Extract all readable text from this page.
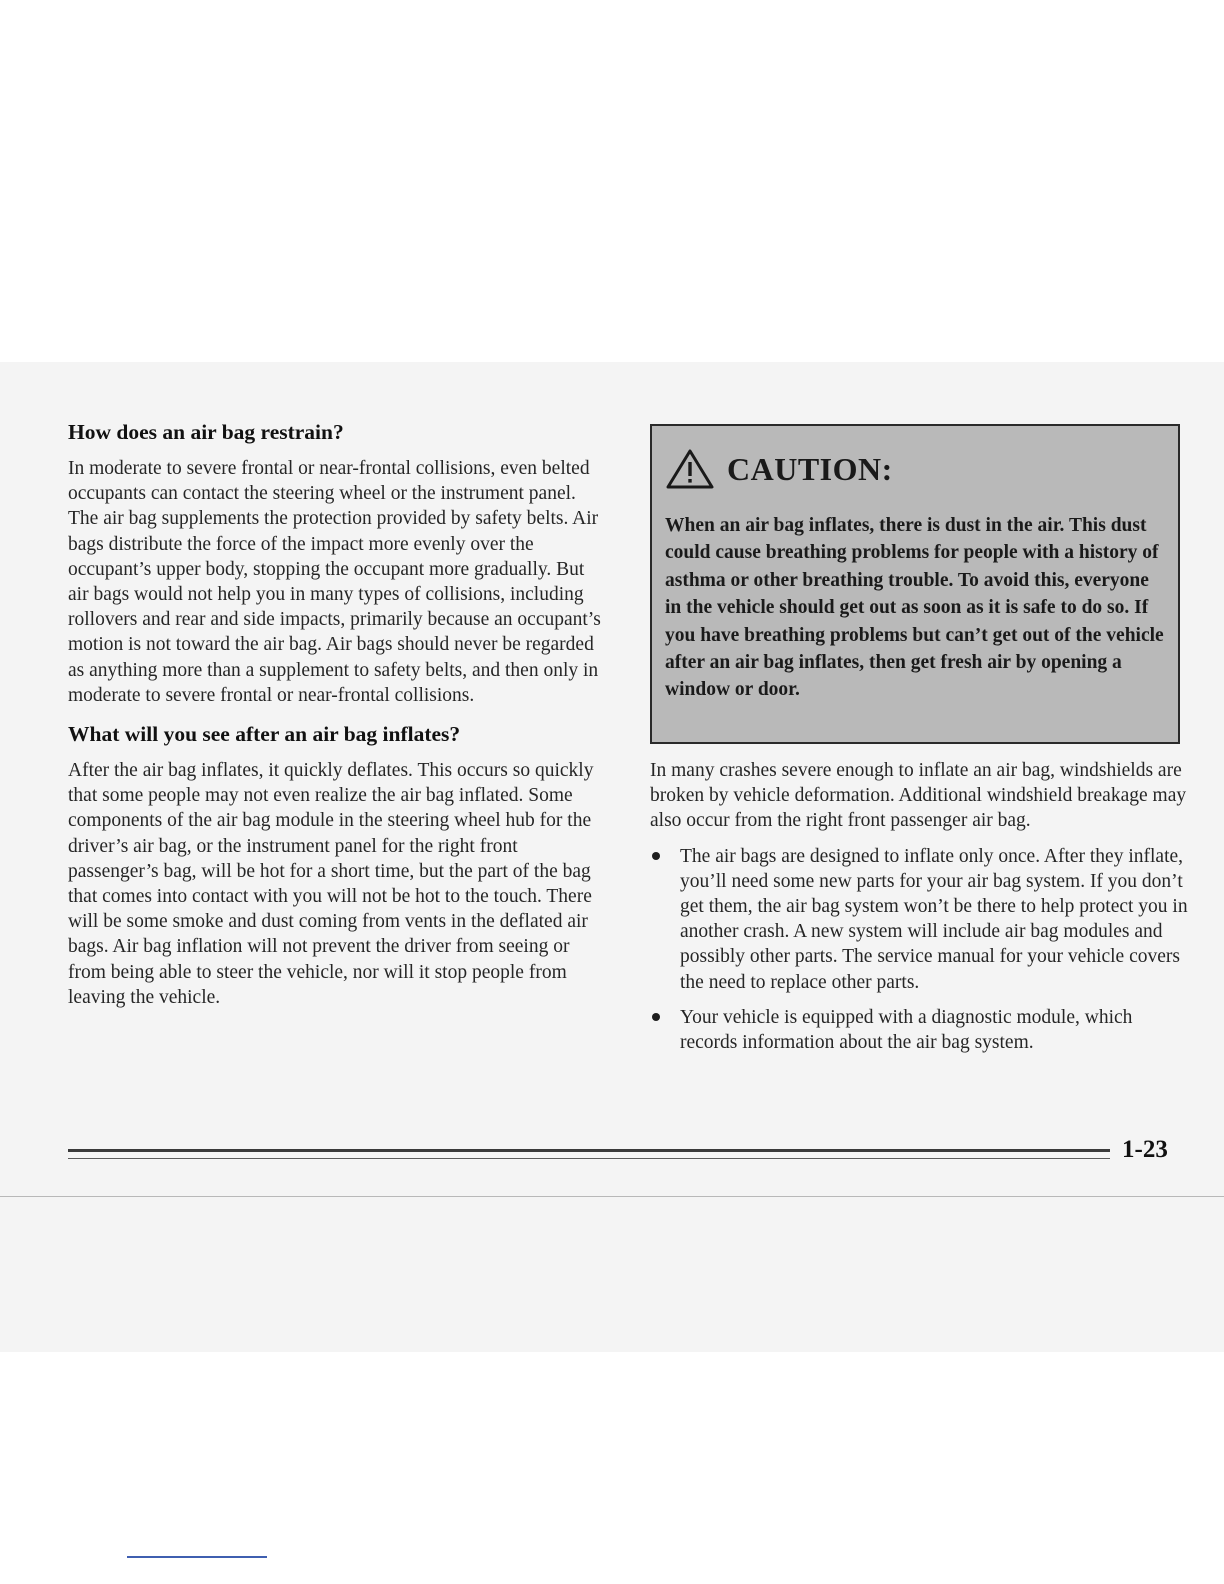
How does an air bag restrain?

In moderate to severe frontal or near-frontal collisions, even belted occupants can contact the steering wheel or the instrument panel. The air bag supplements the protection provided by safety belts. Air bags distribute the force of the impact more evenly over the occupant’s upper body, stopping the occupant more gradually. But air bags would not help you in many types of collisions, including rollovers and rear and side impacts, primarily because an occupant’s motion is not toward the air bag. Air bags should never be regarded as anything more than a supplement to safety belts, and then only in moderate to severe frontal or near-frontal collisions.

What will you see after an air bag inflates?

After the air bag inflates, it quickly deflates. This occurs so quickly that some people may not even realize the air bag inflated. Some components of the air bag module in the steering wheel hub for the driver’s air bag, or the instrument panel for the right front passenger’s bag, will be hot for a short time, but the part of the bag that comes into contact with you will not be hot to the touch. There will be some smoke and dust coming from vents in the deflated air bags. Air bag inflation will not prevent the driver from seeing or from being able to steer the vehicle, nor will it stop people from leaving the vehicle.

CAUTION:

When an air bag inflates, there is dust in the air. This dust could cause breathing problems for people with a history of asthma or other breathing trouble. To avoid this, everyone in the vehicle should get out as soon as it is safe to do so. If you have breathing problems but can’t get out of the vehicle after an air bag inflates, then get fresh air by opening a window or door.

In many crashes severe enough to inflate an air bag, windshields are broken by vehicle deformation. Additional windshield breakage may also occur from the right front passenger air bag.

The air bags are designed to inflate only once. After they inflate, you’ll need some new parts for your air bag system. If you don’t get them, the air bag system won’t be there to help protect you in another crash. A new system will include air bag modules and possibly other parts. The service manual for your vehicle covers the need to replace other parts.
Your vehicle is equipped with a diagnostic module, which records information about the air bag system.
1-23
